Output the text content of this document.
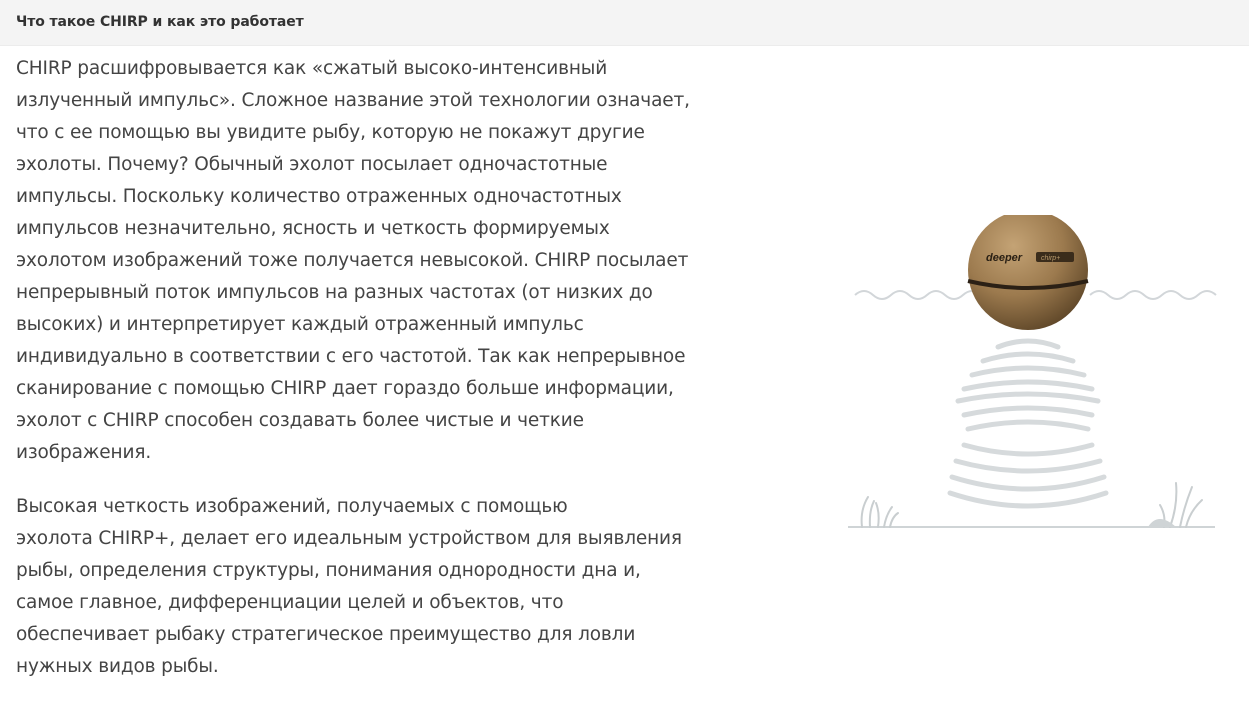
Что такое CHIRP и как это работает
CHIRP расшифровывается как «сжатый высоко-интенсивный
излученный импульс». Сложное название этой технологии означает,
что с ее помощью вы увидите рыбу, которую не покажут другие
эхолоты. Почему? Обычный эхолот посылает одночастотные
импульсы. Поскольку количество отраженных одночастотных
импульсов незначительно, ясность и четкость формируемых
эхолотом изображений тоже получается невысокой. CHIRP посылает
непрерывный поток импульсов на разных частотах (от низких до
высоких) и интерпретирует каждый отраженный импульс
индивидуально в соответствии с его частотой. Так как непрерывное
сканирование с помощью CHIRP дает гораздо больше информации,
эхолот с CHIRP способен создавать более чистые и четкие
изображения.
Высокая четкость изображений, получаемых с помощью
эхолота CHIRP+, делает его идеальным устройством для выявления
рыбы, определения структуры, понимания однородности дна и,
самое главное, дифференциации целей и объектов, что
обеспечивает рыбаку стратегическое преимущество для ловли
нужных видов рыбы.
deeper	chirp+
